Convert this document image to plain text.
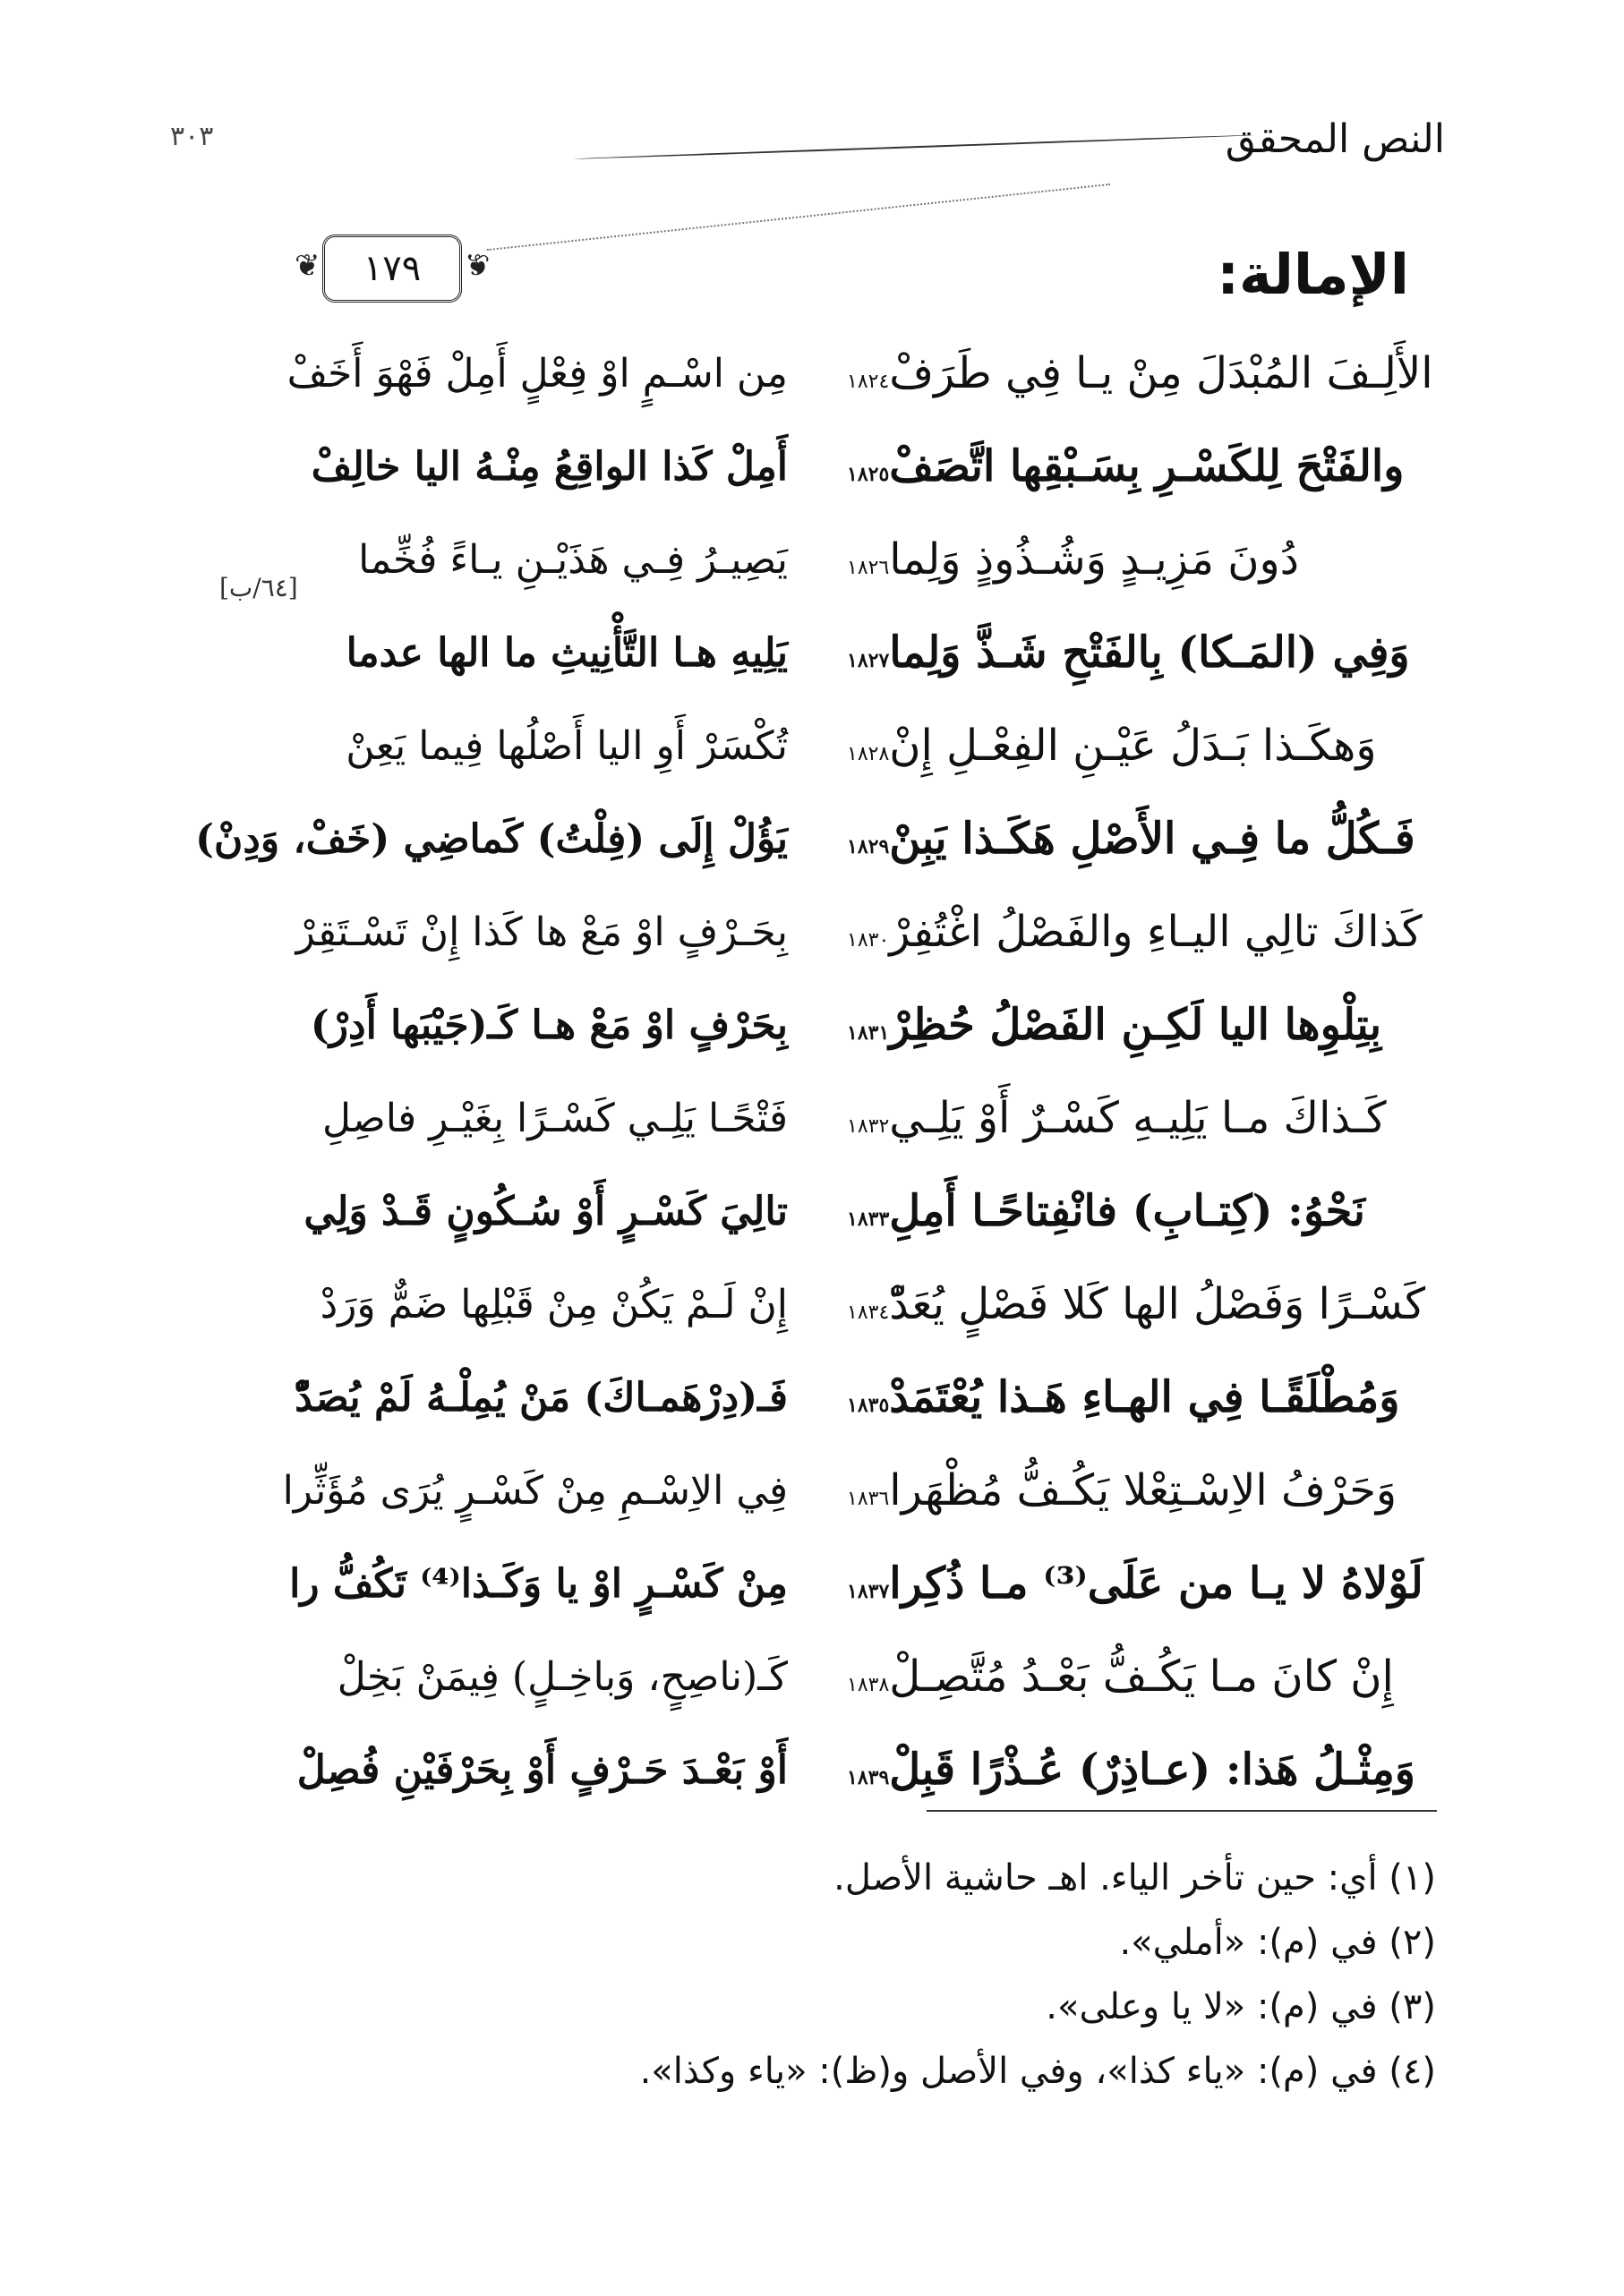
النص المحقق
٣٠٣
❦ ١٧٩
❦	الإمالة:
[٦٤/ب]
١٨٢٤ الأَلِـفَ المُبْدَلَ مِنْ يـا فِي طَرَفْ
مِن اسْـمٍ اوْ فِعْلٍ أَمِلْ فَهْوَ أَخَفْ
١٨٢٥ والفَتْحَ لِلكَسْـرِ بِسَـبْقِها اتَّصَفْ
أَمِلْ كَذا الواقِعُ مِنْـهُ اليا خالِفْ
١٨٢٦ دُونَ مَزِيـدٍ وَشُـذُوذٍ وَلِما
يَصِيـرُ فِـي هَذَيْـنِ يـاءً فُخِّما
١٨٢٧ وَفِي (المَـكا) بِالفَتْحِ شَـذَّ وَلِما
يَلِيهِ هـا التَّأْنِيثِ ما الها عدما
١٨٢٨ وَهكَـذا بَـدَلُ عَيْـنِ الفِعْـلِ إِنْ
تُكْسَرْ أَوِ اليا أَصْلُها فِيما يَعِنْ
١٨٢٩ فَـكُلُّ ما فِـي الأَصْلِ هَكَـذا يَبِنْ
يَؤُلْ إِلَى (فِلْتُ) كَماضِي (خَفْ، وَدِنْ)
١٨٣٠ كَذاكَ تالِي اليـاءِ والفَصْلُ اغْتُفِرْ
بِحَـرْفٍ اوْ مَعْ ها كَذا إِنْ تَسْـتَقِرْ
١٨٣١ بِتِلْوِها اليا لَكِـنِ الفَصْلُ حُظِرْ
بِحَرْفٍ اوْ مَعْ هـا كَـ(جَيْبَها أَدِرْ)
١٨٣٢ كَـذاكَ مـا يَلِيـهِ كَسْـرٌ أَوْ يَلِـي
فَتْحًـا يَلِـي كَسْـرًا بِغَيْـرِ فاصِلِ
١٨٣٣ نَحْوُ: (كِتـابِ) فانْفِتاحًـا أَمِلِ
تالِيَ كَسْـرٍ أَوْ سُـكُونٍ قَـدْ وَلِي
١٨٣٤ كَسْـرًا وَفَصْلُ الها كَلا فَصْلٍ يُعَدّْ
إِنْ لَـمْ يَكُنْ مِنْ قَبْلِها ضَمٌّ وَرَدْ
١٨٣٥ وَمُطْلَقًـا فِي الهـاءِ هَـذا يُعْتَمَدْ
فَـ(دِرْهَمـاكَ) مَنْ يُمِلْـهُ لَمْ يُصَدّْ
١٨٣٦ وَحَرْفُ الاِسْـتِعْلا يَكُـفُّ مُظْهَرا
فِي الاِسْـمِ مِنْ كَسْـرٍ يُرَى مُؤَثِّرا
١٨٣٧ لَوْلاهُ لا يـا من عَلَى⁽³⁾ مـا ذُكِرا
مِنْ كَسْـرٍ اوْ يا وَكَـذا⁽⁴⁾ تَكُفُّ را
١٨٣٨ إِنْ كانَ مـا يَكُـفُّ بَعْـدُ مُتَّصِـلْ
كَـ(ناصِحٍ، وَباخِـلٍ) فِيمَنْ بَخِلْ
١٨٣٩ وَمِثْـلُ هَذا: (عـاذِرٌ) عُـذْرًا قَبِلْ
أَوْ بَعْـدَ حَـرْفٍ أَوْ بِحَرْفَيْنِ فُصِلْ
(١) أي: حين تأخر الياء. اهـ حاشية الأصل.
(٢) في (م): «أملي».
(٣) في (م): «لا يا وعلى».
(٤) في (م): «ياء كذا»، وفي الأصل و(ظ): «ياء وكذا».
